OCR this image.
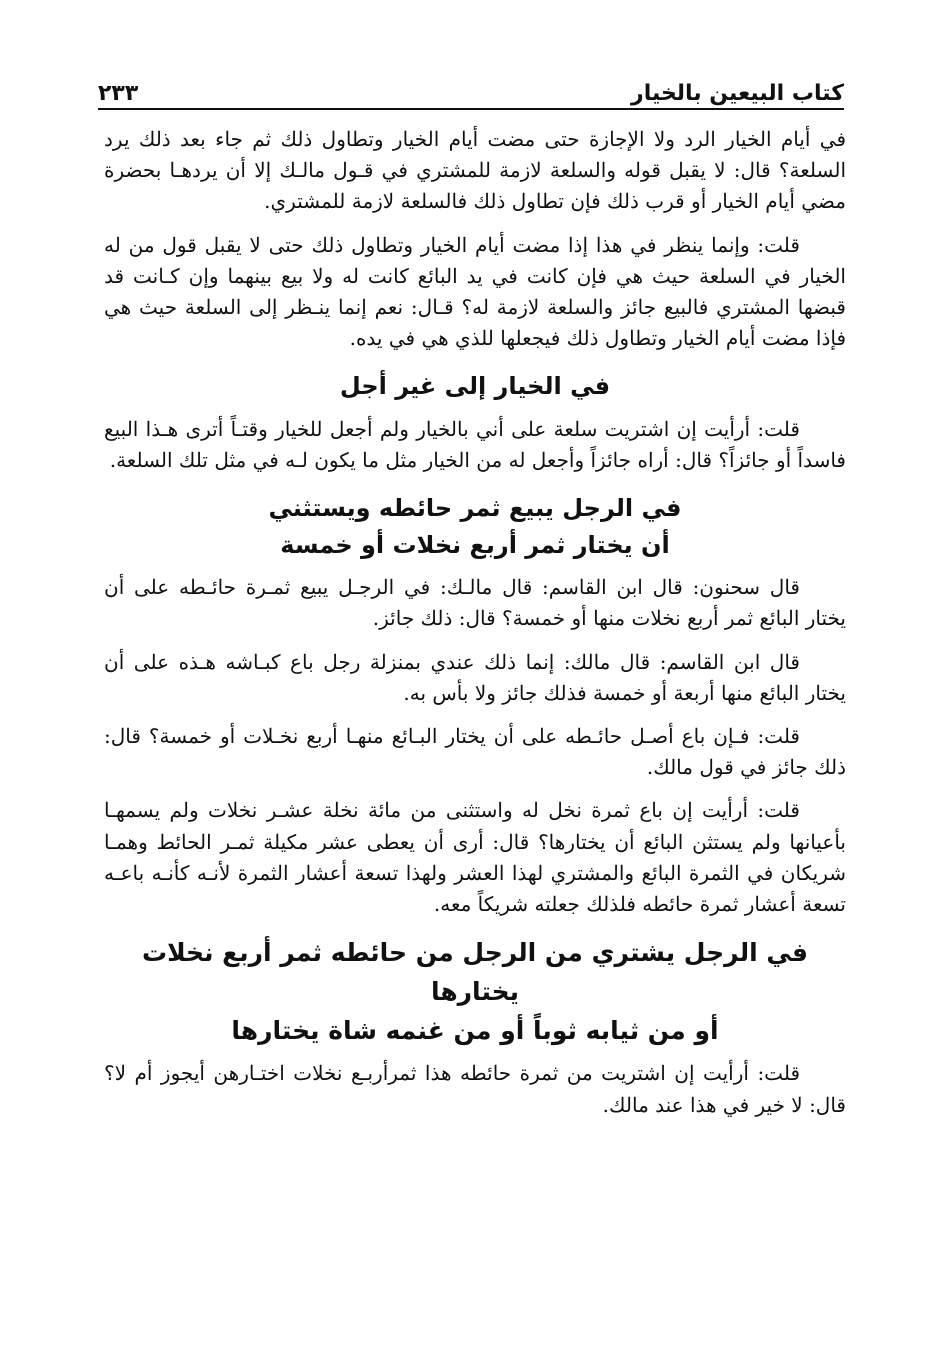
كتاب البيعين بالخيار
٢٣٣

في أيام الخيار الرد ولا الإجازة حتى مضت أيام الخيار وتطاول ذلك ثم جاء بعد ذلك يرد السلعة؟ قال: لا يقبل قوله والسلعة لازمة للمشتري في قـول مالـك إلا أن يردهـا بحضرة مضي أيام الخيار أو قرب ذلك فإن تطاول ذلك فالسلعة لازمة للمشتري.

قلت: وإنما ينظر في هذا إذا مضت أيام الخيار وتطاول ذلك حتى لا يقبل قول من له الخيار في السلعة حيث هي فإن كانت في يد البائع كانت له ولا بيع بينهما وإن كـانت قد قبضها المشتري فالبيع جائز والسلعة لازمة له؟ قـال: نعم إنما ينـظر إلى السلعة حيث هي فإذا مضت أيام الخيار وتطاول ذلك فيجعلها للذي هي في يده.

في الخيار إلى غير أجل

قلت: أرأيت إن اشتريت سلعة على أني بالخيار ولم أجعل للخيار وقتـاً أترى هـذا البيع فاسداً أو جائزاً؟ قال: أراه جائزاً وأجعل له من الخيار مثل ما يكون لـه في مثل تلك السلعة.

في الرجل يبيع ثمر حائطه ويستثني
أن يختار ثمر أربع نخلات أو خمسة

قال سحنون: قال ابن القاسم: قال مالـك: في الرجـل يبيع ثمـرة حائـطه على أن يختار البائع ثمر أربع نخلات منها أو خمسة؟ قال: ذلك جائز.

قال ابن القاسم: قال مالك: إنما ذلك عندي بمنزلة رجل باع كبـاشه هـذه على أن يختار البائع منها أربعة أو خمسة فذلك جائز ولا بأس به.

قلت: فـإن باع أصـل حائـطه على أن يختار البـائع منهـا أربع نخـلات أو خمسة؟ قال: ذلك جائز في قول مالك.

قلت: أرأيت إن باع ثمرة نخل له واستثنى من مائة نخلة عشـر نخلات ولم يسمهـا بأعيانها ولم يستثن البائع أن يختارها؟ قال: أرى أن يعطى عشر مكيلة ثمـر الحائط وهمـا شريكان في الثمرة البائع والمشتري لهذا العشر ولهذا تسعة أعشار الثمرة لأنـه كأنـه باعـه تسعة أعشار ثمرة حائطه فلذلك جعلته شريكاً معه.

في الرجل يشتري من الرجل من حائطه ثمر أربع نخلات يختارها
أو من ثيابه ثوباً أو من غنمه شاة يختارها

قلت: أرأيت إن اشتريت من ثمرة حائطه هذا ثمرأربـع نخلات اختـارهن أيجوز أم لا؟ قال: لا خير في هذا عند مالك.
